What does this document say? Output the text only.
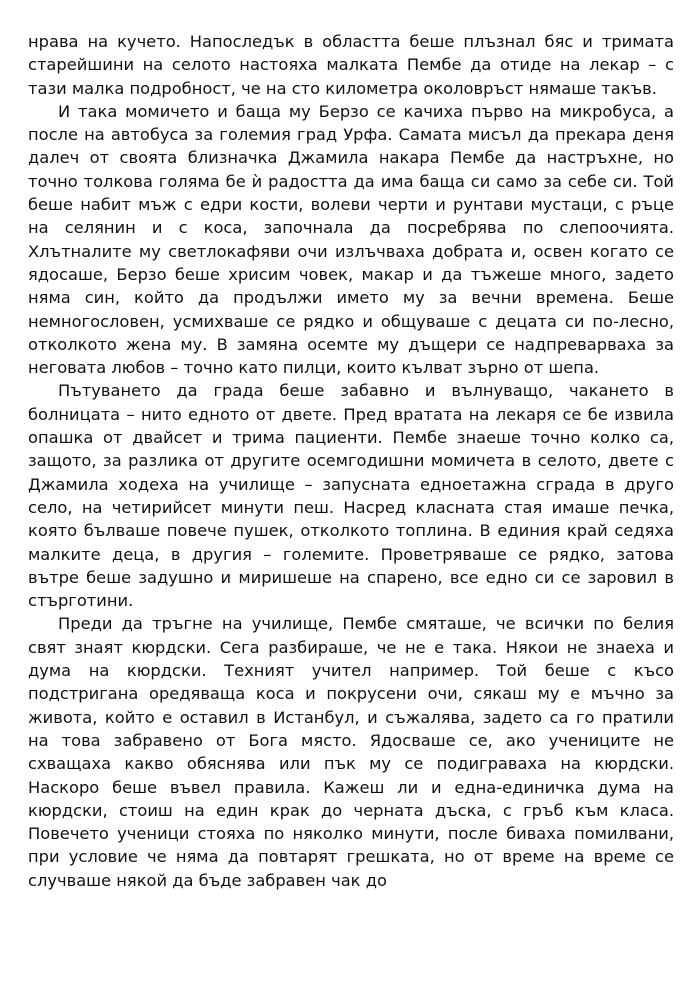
нрава на кучето. Напоследък в областта беше плъзнал бяс и тримата старейшини на селото настояха малката Пембе да отиде на лекар – с тази малка подробност, че на сто километра околовръст нямаше такъв.

И така момичето и баща му Берзо се качиха първо на микробуса, а после на автобуса за големия град Урфа. Самата мисъл да прекара деня далеч от своята близначка Джамила накара Пембе да настръхне, но точно толкова голяма бе ѝ радостта да има баща си само за себе си. Той беше набит мъж с едри кости, волеви черти и рунтави мустаци, с ръце на селянин и с коса, започнала да посребрява по слепоочията. Хлътналите му светлокафяви очи излъчваха добрата и, освен когато се ядосаше, Берзо беше хрисим човек, макар и да тъжеше много, задето няма син, който да продължи името му за вечни времена. Беше немногословен, усмихваше се рядко и общуваше с децата си по-лесно, отколкото жена му. В замяна осемте му дъщери се надпреварваха за неговата любов – точно като пилци, които кълват зърно от шепа.

Пътуването да града беше забавно и вълнуващо, чакането в болницата – нито едното от двете. Пред вратата на лекаря се бе извила опашка от двайсет и трима пациенти. Пембе знаеше точно колко са, защото, за разлика от другите осемгодишни момичета в селото, двете с Джамила ходеха на училище – запусната едноетажна сграда в друго село, на четирийсет минути пеш. Насред класната стая имаше печка, която бълваше повече пушек, отколкото топлина. В единия край седяха малките деца, в другия – големите. Проветряваше се рядко, затова вътре беше задушно и миришеше на спарено, все едно си се заровил в стърготини.

Преди да тръгне на училище, Пембе смяташе, че всички по белия свят знаят кюрдски. Сега разбираше, че не е така. Някои не знаеха и дума на кюрдски. Техният учител например. Той беше с късо подстригана оредяваща коса и покрусени очи, сякаш му е мъчно за живота, който е оставил в Истанбул, и съжалява, задето са го пратили на това забравено от Бога място. Ядосваше се, ако учениците не схващаха какво обяснява или пък му се подиграваха на кюрдски. Наскоро беше въвел правила. Кажеш ли и една-единичка дума на кюрдски, стоиш на един крак до черната дъска, с гръб към класа. Повечето ученици стояха по няколко минути, после биваха помилвани, при условие че няма да повтарят грешката, но от време на време се случваше някой да бъде забравен чак до
